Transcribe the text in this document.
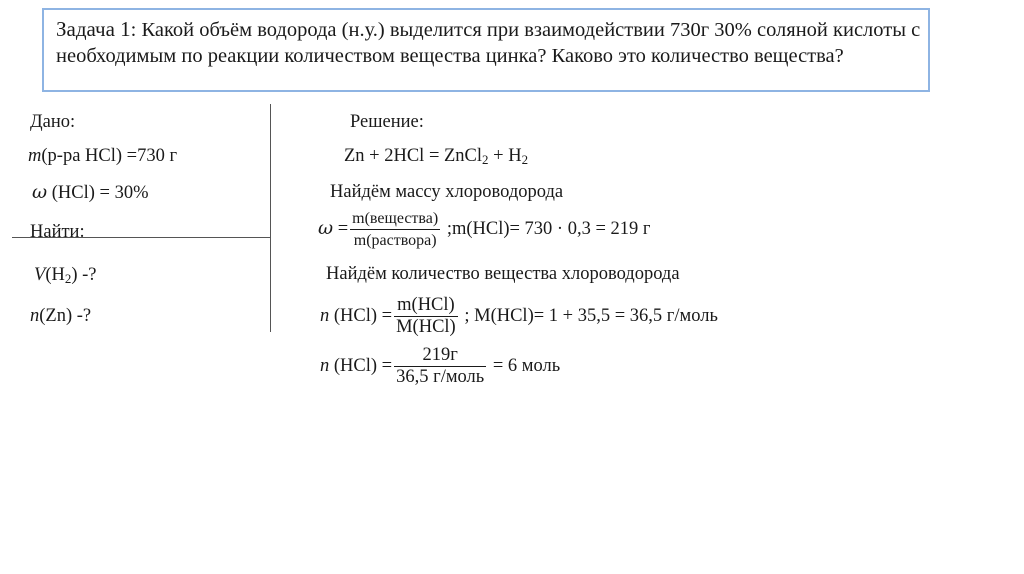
Задача 1: Какой объём водорода (н.у.) выделится при взаимодействии 730г 30% соляной кислоты с необходимым по реакции количеством вещества цинка? Каково это количество вещества?
Дано:
m(р-ра HCl) =730 г
ω (HCl) = 30%
Найти:
$V(H_2)$ -?
n(Zn) -?
Решение:
Zn + 2HCl = ZnCl$_2$ + $H_2$
Найдём массу хлороводорода
$\omega = \frac{\text{m(вещества)}}{\text{m(раствора)}}$ ;m(HCl)= 730 · 0,3 = 219 г
Найдём количество вещества хлороводорода
n $(HCl) = \frac{\text{m(HCl)}}{\text{M(HCl)}}$ ; M(HCl)= 1 + 35,5 = 36,5 г/моль
n $(HCl) = \frac{219г}{\text{36,5 г/моль}} = 6$ моль
